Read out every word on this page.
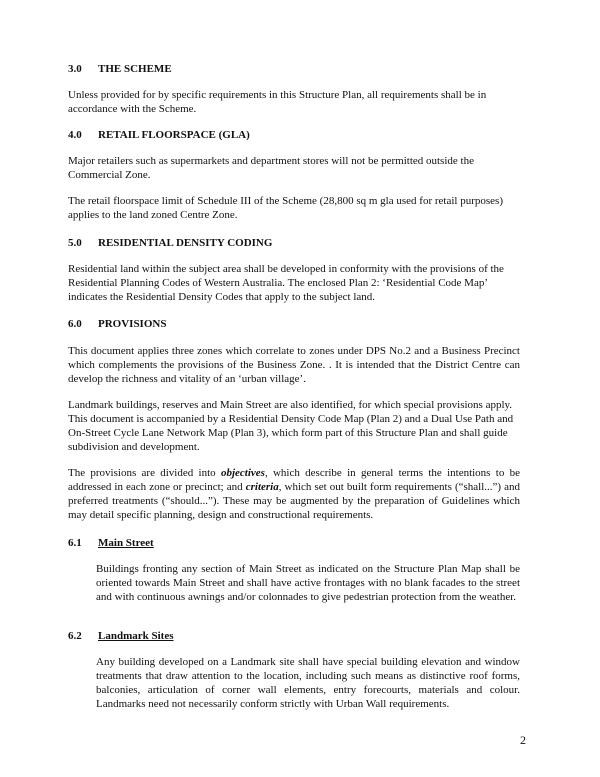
3.0 THE SCHEME

Unless provided for by specific requirements in this Structure Plan, all requirements shall be in accordance with the Scheme.

4.0 RETAIL FLOORSPACE (GLA)

Major retailers such as supermarkets and department stores will not be permitted outside the Commercial Zone.

The retail floorspace limit of Schedule III of the Scheme (28,800 sq m gla used for retail purposes) applies to the land zoned Centre Zone.

5.0 RESIDENTIAL DENSITY CODING

Residential land within the subject area shall be developed in conformity with the provisions of the Residential Planning Codes of Western Australia. The enclosed Plan 2: ‘Residential Code Map’ indicates the Residential Density Codes that apply to the subject land.

6.0 PROVISIONS

This document applies three zones which correlate to zones under DPS No.2 and a Business Precinct which complements the provisions of the Business Zone. . It is intended that the District Centre can develop the richness and vitality of an ‘urban village’.

Landmark buildings, reserves and Main Street are also identified, for which special provisions apply. This document is accompanied by a Residential Density Code Map (Plan 2) and a Dual Use Path and On-Street Cycle Lane Network Map (Plan 3), which form part of this Structure Plan and shall guide subdivision and development.

The provisions are divided into objectives, which describe in general terms the intentions to be addressed in each zone or precinct; and criteria, which set out built form requirements (“shall...”) and preferred treatments (“should...”). These may be augmented by the preparation of Guidelines which may detail specific planning, design and constructional requirements.

6.1 Main Street

Buildings fronting any section of Main Street as indicated on the Structure Plan Map shall be oriented towards Main Street and shall have active frontages with no blank facades to the street and with continuous awnings and/or colonnades to give pedestrian protection from the weather.

6.2 Landmark Sites

Any building developed on a Landmark site shall have special building elevation and window treatments that draw attention to the location, including such means as distinctive roof forms, balconies, articulation of corner wall elements, entry forecourts, materials and colour. Landmarks need not necessarily conform strictly with Urban Wall requirements.

2
